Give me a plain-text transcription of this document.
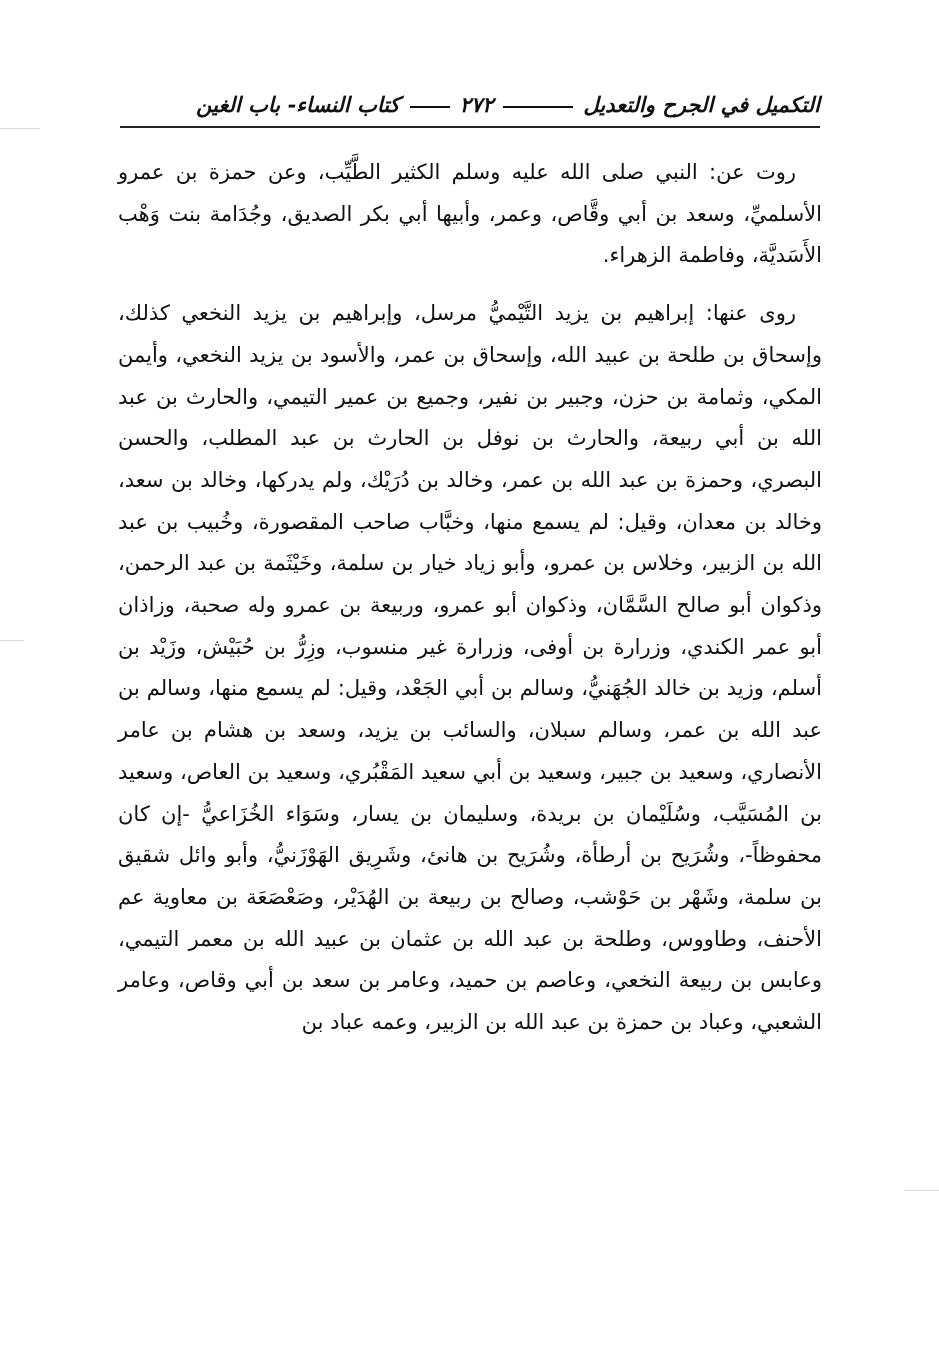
التكميل في الجرح والتعديل
٢٧٢
كتاب النساء- باب الغين

روت عن: النبي صلى الله عليه وسلم الكثير الطَّيِّب، وعن حمزة بن عمرو الأسلميِّ، وسعد بن أبي وقَّاص، وعمر، وأبيها أبي بكر الصديق، وجُدَامة بنت وَهْب الأَسَديَّة، وفاطمة الزهراء.

روى عنها: إبراهيم بن يزيد التَّيْميُّ مرسل، وإبراهيم بن يزيد النخعي كذلك، وإسحاق بن طلحة بن عبيد الله، وإسحاق بن عمر، والأسود بن يزيد النخعي، وأيمن المكي، وثمامة بن حزن، وجبير بن نفير، وجميع بن عمير التيمي، والحارث بن عبد الله بن أبي ربيعة، والحارث بن نوفل بن الحارث بن عبد المطلب، والحسن البصري، وحمزة بن عبد الله بن عمر، وخالد بن دُرَيْك، ولم يدركها، وخالد بن سعد، وخالد بن معدان، وقيل: لم يسمع منها، وخبَّاب صاحب المقصورة، وخُبيب بن عبد الله بن الزبير، وخلاس بن عمرو، وأبو زياد خيار بن سلمة، وخَيْثَمة بن عبد الرحمن، وذكوان أبو صالح السَّمَّان، وذكوان أبو عمرو، وربيعة بن عمرو وله صحبة، وزاذان أبو عمر الكندي، وزرارة بن أوفى، وزرارة غير منسوب، وزِرُّ بن حُبَيْش، وزَيْد بن أسلم، وزيد بن خالد الجُهَنيُّ، وسالم بن أبي الجَعْد، وقيل: لم يسمع منها، وسالم بن عبد الله بن عمر، وسالم سبلان، والسائب بن يزيد، وسعد بن هشام بن عامر الأنصاري، وسعيد بن جبير، وسعيد بن أبي سعيد المَقْبُري، وسعيد بن العاص، وسعيد بن المُسَيَّب، وسُلَيْمان بن بريدة، وسليمان بن يسار، وسَوَاء الخُزَاعيُّ -إن كان محفوظاً-، وشُرَيح بن أرطأة، وشُرَيح بن هانئ، وشَرِيق الهَوْزَنيُّ، وأبو وائل شقيق بن سلمة، وشَهْر بن حَوْشب، وصالح بن ربيعة بن الهُدَيْر، وصَعْصَعَة بن معاوية عم الأحنف، وطاووس، وطلحة بن عبد الله بن عثمان بن عبيد الله بن معمر التيمي، وعابس بن ربيعة النخعي، وعاصم بن حميد، وعامر بن سعد بن أبي وقاص، وعامر الشعبي، وعباد بن حمزة بن عبد الله بن الزبير، وعمه عباد بن
